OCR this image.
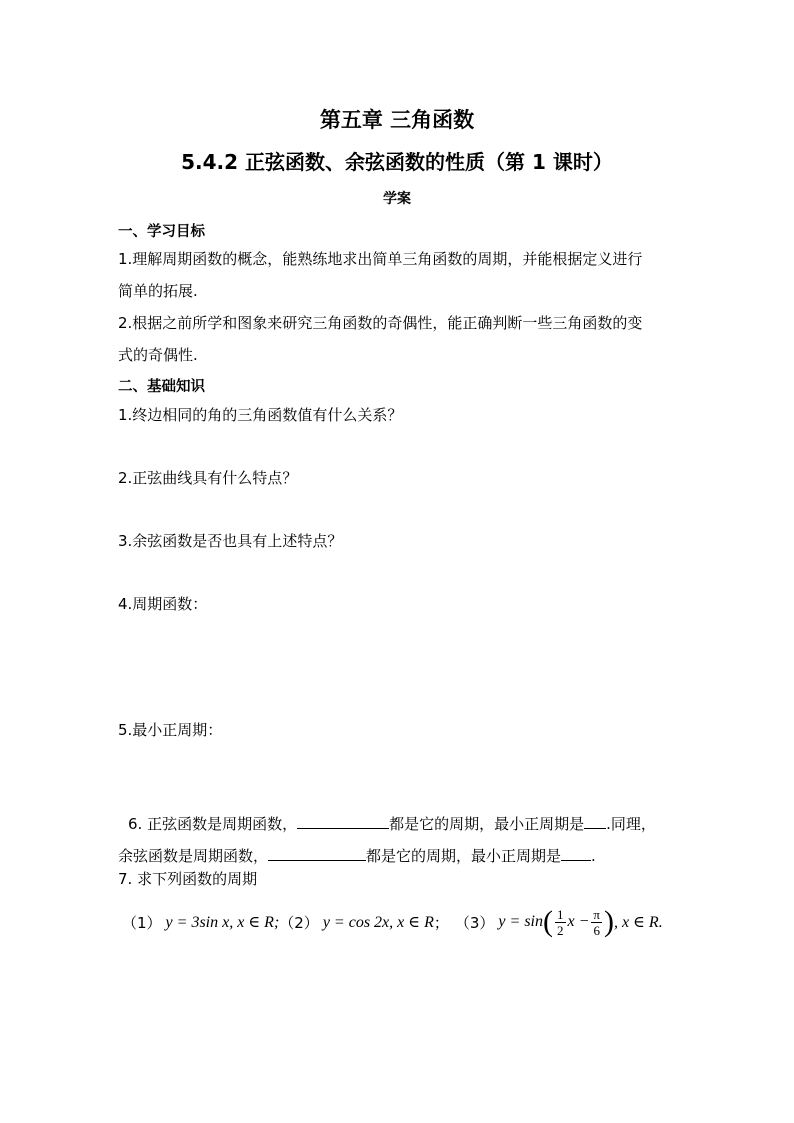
第五章 三角函数
5.4.2 正弦函数、余弦函数的性质（第 1 课时）
学案
一、学习目标
1.理解周期函数的概念，能熟练地求出简单三角函数的周期，并能根据定义进行
简单的拓展.
2.根据之前所学和图象来研究三角函数的奇偶性，能正确判断一些三角函数的变
式的奇偶性.
二、基础知识
1.终边相同的角的三角函数值有什么关系？
2.正弦曲线具有什么特点？
3.余弦函数是否也具有上述特点？
4.周期函数：
5.最小正周期：
6. 正弦函数是周期函数，	都是它的周期，最小正周期是 .同理，
余弦函数是周期函数，	都是它的周期，最小正周期是 .
7. 求下列函数的周期
（1） y = 3sin x, x ∈ R; （2） y = cos 2x, x ∈ R ； （3） y = sin ( $\frac{1}{2}$ $x - \frac{\pi}{6}$ ) , x ∈ R.
